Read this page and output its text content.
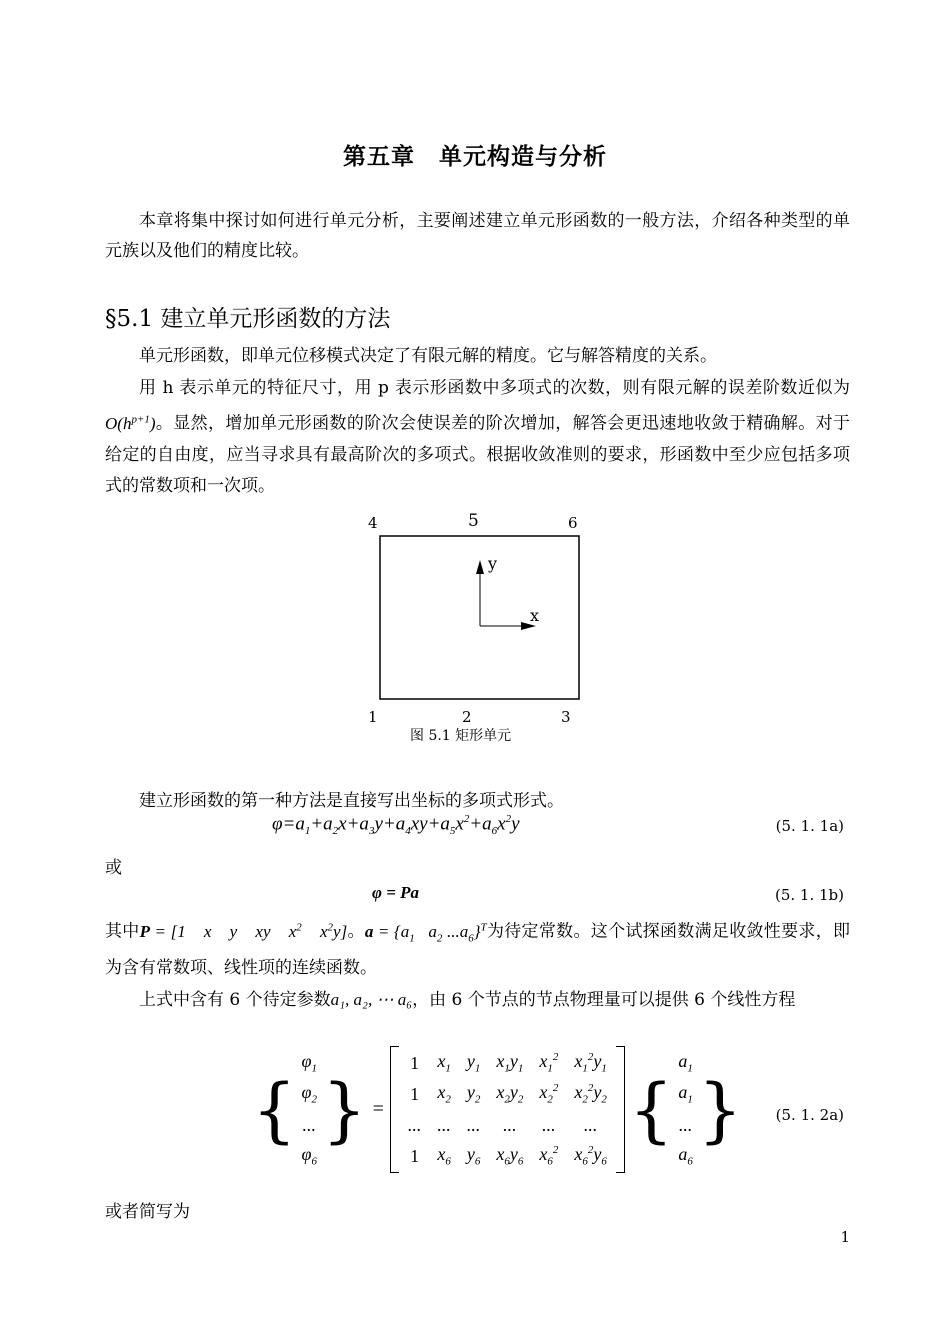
第五章　单元构造与分析

本章将集中探讨如何进行单元分析，主要阐述建立单元形函数的一般方法，介绍各种类型的单元族以及他们的精度比较。

§5.1 建立单元形函数的方法

单元形函数，即单元位移模式决定了有限元解的精度。它与解答精度的关系。

用 h 表示单元的特征尺寸，用 p 表示形函数中多项式的次数，则有限元解的误差阶数近似为$O(h^{p+1})$。显然，增加单元形函数的阶次会使误差的阶次增加，解答会更迅速地收敛于精确解。对于给定的自由度，应当寻求具有最高阶次的多项式。根据收敛准则的要求，形函数中至少应包括多项式的常数项和一次项。

4	5	6
1	2	3
y
x
图 5.1 矩形单元

建立形函数的第一种方法是直接写出坐标的多项式形式。

$\varphi=a_1+a_2x+a_3y+a_4xy+a_5x^2+a_6x^2y$	(5. 1. 1a)
或
φ = Pa	(5. 1. 1b)
其中P = [1    x    y    xy    $x^2$    $x^2y$]。$a = \{a_1$   $a_2$ $...a_6\}^T$为待定常数。这个试探函数满足收敛性要求，即为含有常数项、线性项的连续函数。
上式中含有 6 个待定参数a₁, a₂, ⋯ a₆，由 6 个节点的节点物理量可以提供 6 个线性方程
{	
$\varphi_1$
$\varphi_2$
...
$\varphi_6$
	}	=		
1	$x_1$	$y_1$	$x_1y_1$	$x_1^2$	$x_1^2y_1$
1	$x_2$	$y_2$	$x_2y_2$	$x_2^2$	$x_2^2y_2$
...	...	...	...	...	...
1	$x_6$	$y_6$	$x_6y_6$	$x_6^2$	$x_6^2y_6$
		{	
$a_1$
$a_1$
...
$a_6$
	}	(5. 1. 2a)
或者简写为
1
